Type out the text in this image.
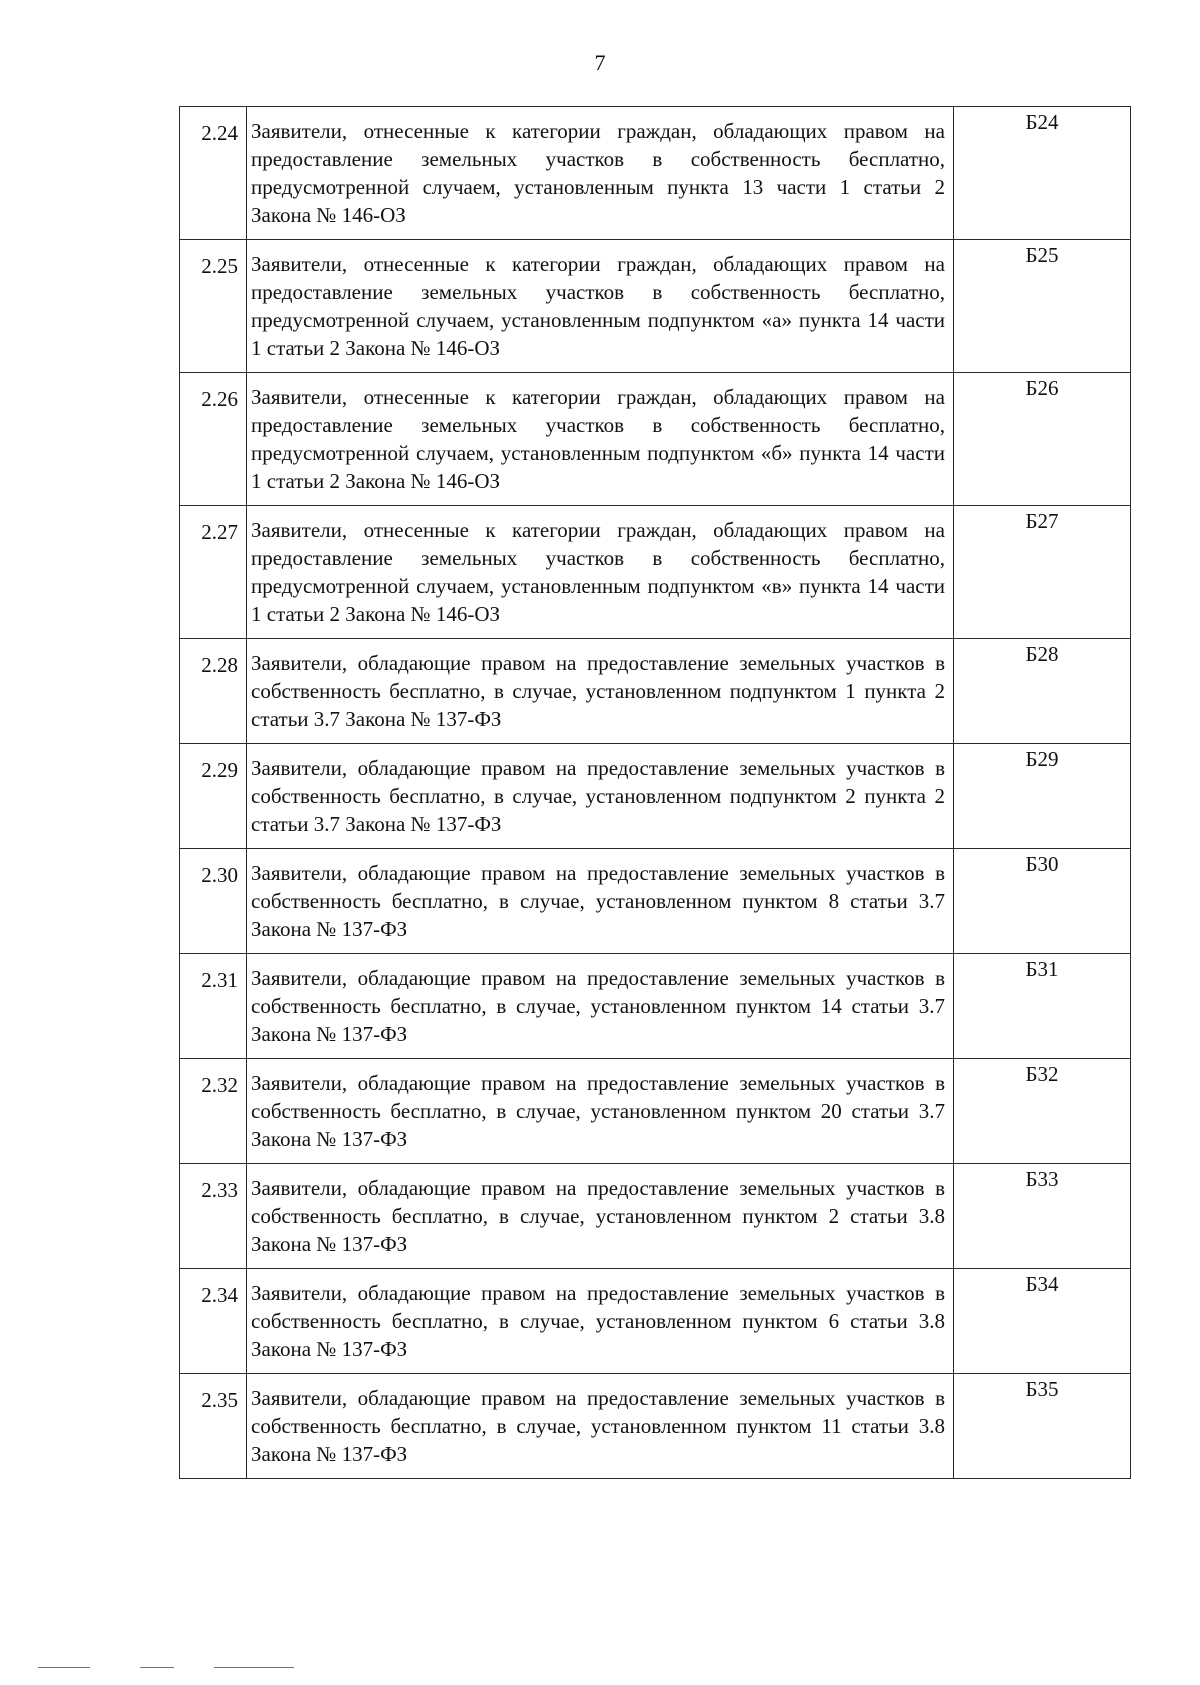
7
2.24	Заявители, отнесенные к категории граждан, обладающих правом на предоставление земельных участков в собственность бесплатно, предусмотренной случаем, установленным пункта 13 части 1 статьи 2 Закона № 146-ОЗ	Б24
2.25	Заявители, отнесенные к категории граждан, обладающих правом на предоставление земельных участков в собственность бесплатно, предусмотренной случаем, установленным подпунктом «а» пункта 14 части 1 статьи 2 Закона № 146-ОЗ	Б25
2.26	Заявители, отнесенные к категории граждан, обладающих правом на предоставление земельных участков в собственность бесплатно, предусмотренной случаем, установленным подпунктом «б» пункта 14 части 1 статьи 2 Закона № 146-ОЗ	Б26
2.27	Заявители, отнесенные к категории граждан, обладающих правом на предоставление земельных участков в собственность бесплатно, предусмотренной случаем, установленным подпунктом «в» пункта 14 части 1 статьи 2 Закона № 146-ОЗ	Б27
2.28	Заявители, обладающие правом на предоставление земельных участков в собственность бесплатно, в случае, установленном подпунктом 1 пункта 2 статьи 3.7 Закона № 137-ФЗ	Б28
2.29	Заявители, обладающие правом на предоставление земельных участков в собственность бесплатно, в случае, установленном подпунктом 2 пункта 2 статьи 3.7 Закона № 137-ФЗ	Б29
2.30	Заявители, обладающие правом на предоставление земельных участков в собственность бесплатно, в случае, установленном пунктом 8 статьи 3.7 Закона № 137-ФЗ	Б30
2.31	Заявители, обладающие правом на предоставление земельных участков в собственность бесплатно, в случае, установленном пунктом 14 статьи 3.7 Закона № 137-ФЗ	Б31
2.32	Заявители, обладающие правом на предоставление земельных участков в собственность бесплатно, в случае, установленном пунктом 20 статьи 3.7 Закона № 137-ФЗ	Б32
2.33	Заявители, обладающие правом на предоставление земельных участков в собственность бесплатно, в случае, установленном пунктом 2 статьи 3.8 Закона № 137-ФЗ	Б33
2.34	Заявители, обладающие правом на предоставление земельных участков в собственность бесплатно, в случае, установленном пунктом 6 статьи 3.8 Закона № 137-ФЗ	Б34
2.35	Заявители, обладающие правом на предоставление земельных участков в собственность бесплатно, в случае, установленном пунктом 11 статьи 3.8 Закона № 137-ФЗ	Б35
